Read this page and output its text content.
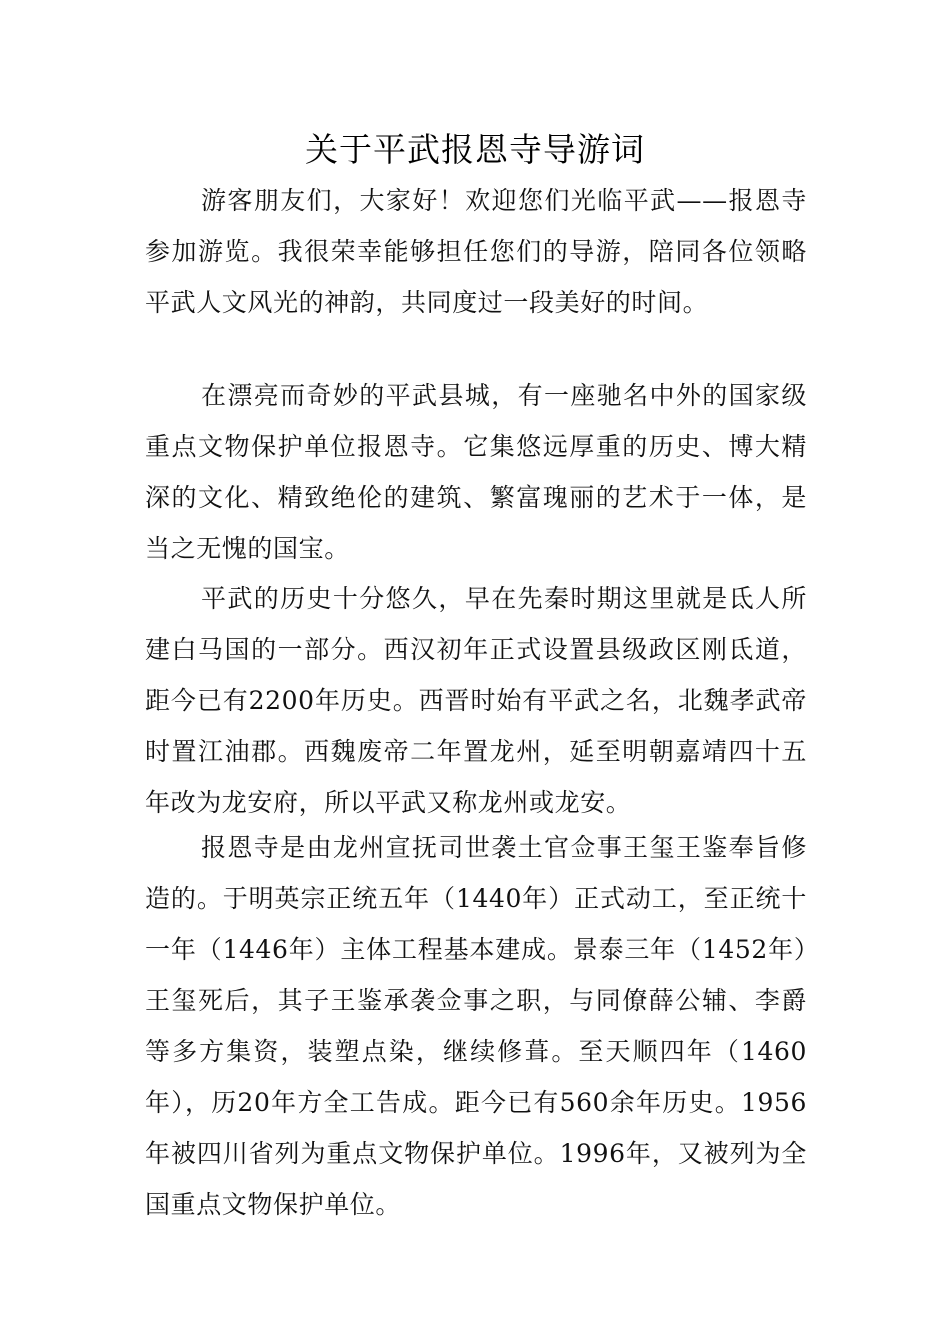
关于平武报恩寺导游词

游客朋友们，大家好！欢迎您们光临平武——报恩寺参加游览。我很荣幸能够担任您们的导游，陪同各位领略平武人文风光的神韵，共同度过一段美好的时间。

在漂亮而奇妙的平武县城，有一座驰名中外的国家级重点文物保护单位报恩寺。它集悠远厚重的历史、博大精深的文化、精致绝伦的建筑、繁富瑰丽的艺术于一体，是当之无愧的国宝。

平武的历史十分悠久，早在先秦时期这里就是氐人所建白马国的一部分。西汉初年正式设置县级政区刚氐道，距今已有2200年历史。西晋时始有平武之名，北魏孝武帝时置江油郡。西魏废帝二年置龙州，延至明朝嘉靖四十五年改为龙安府，所以平武又称龙州或龙安。

报恩寺是由龙州宣抚司世袭土官佥事王玺王鉴奉旨修造的。于明英宗正统五年（1440年）正式动工，至正统十一年（1446年）主体工程基本建成。景泰三年（1452年）王玺死后，其子王鉴承袭佥事之职，与同僚薛公辅、李爵等多方集资，装塑点染，继续修葺。至天顺四年（1460年），历20年方全工告成。距今已有560余年历史。1956年被四川省列为重点文物保护单位。1996年，又被列为全国重点文物保护单位。
